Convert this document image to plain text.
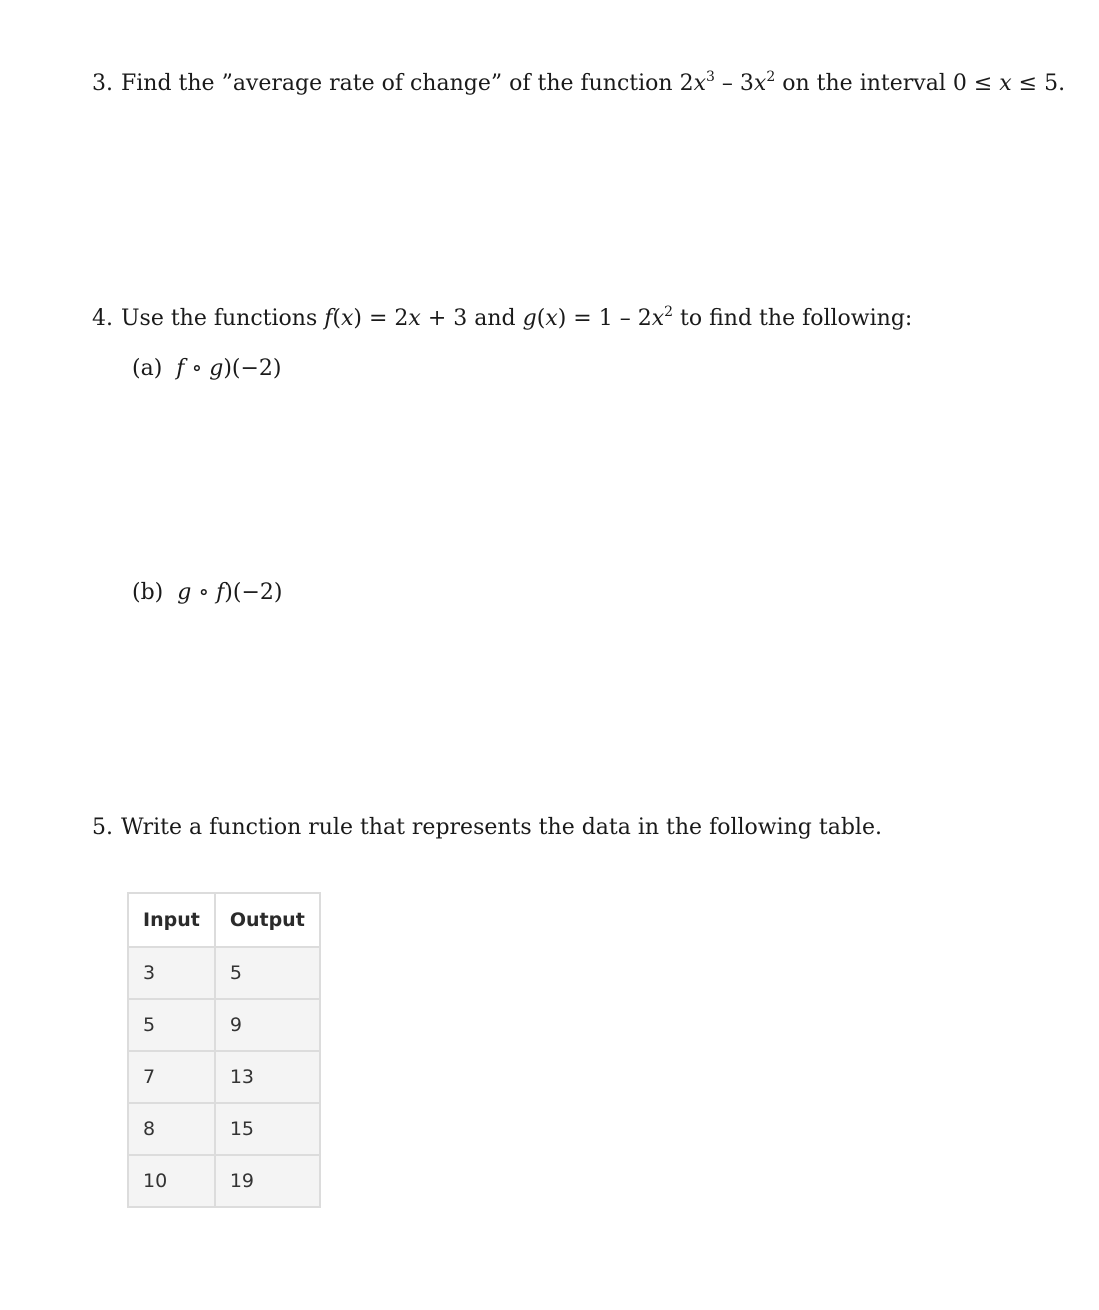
3. Find the ”average rate of change” of the function $2x^3 - 3x^2$ on the interval 0 ≤ x ≤ 5.
4. Use the functions f(x) = 2x + 3 and $g(x) = 1 - 2x^2$ to find the following:
(a) f ∘ g)(−2)
(b) g ∘ f)(−2)
5. Write a function rule that represents the data in the following table.
Input	Output
3	5
5	9
7	13
8	15
10	19
